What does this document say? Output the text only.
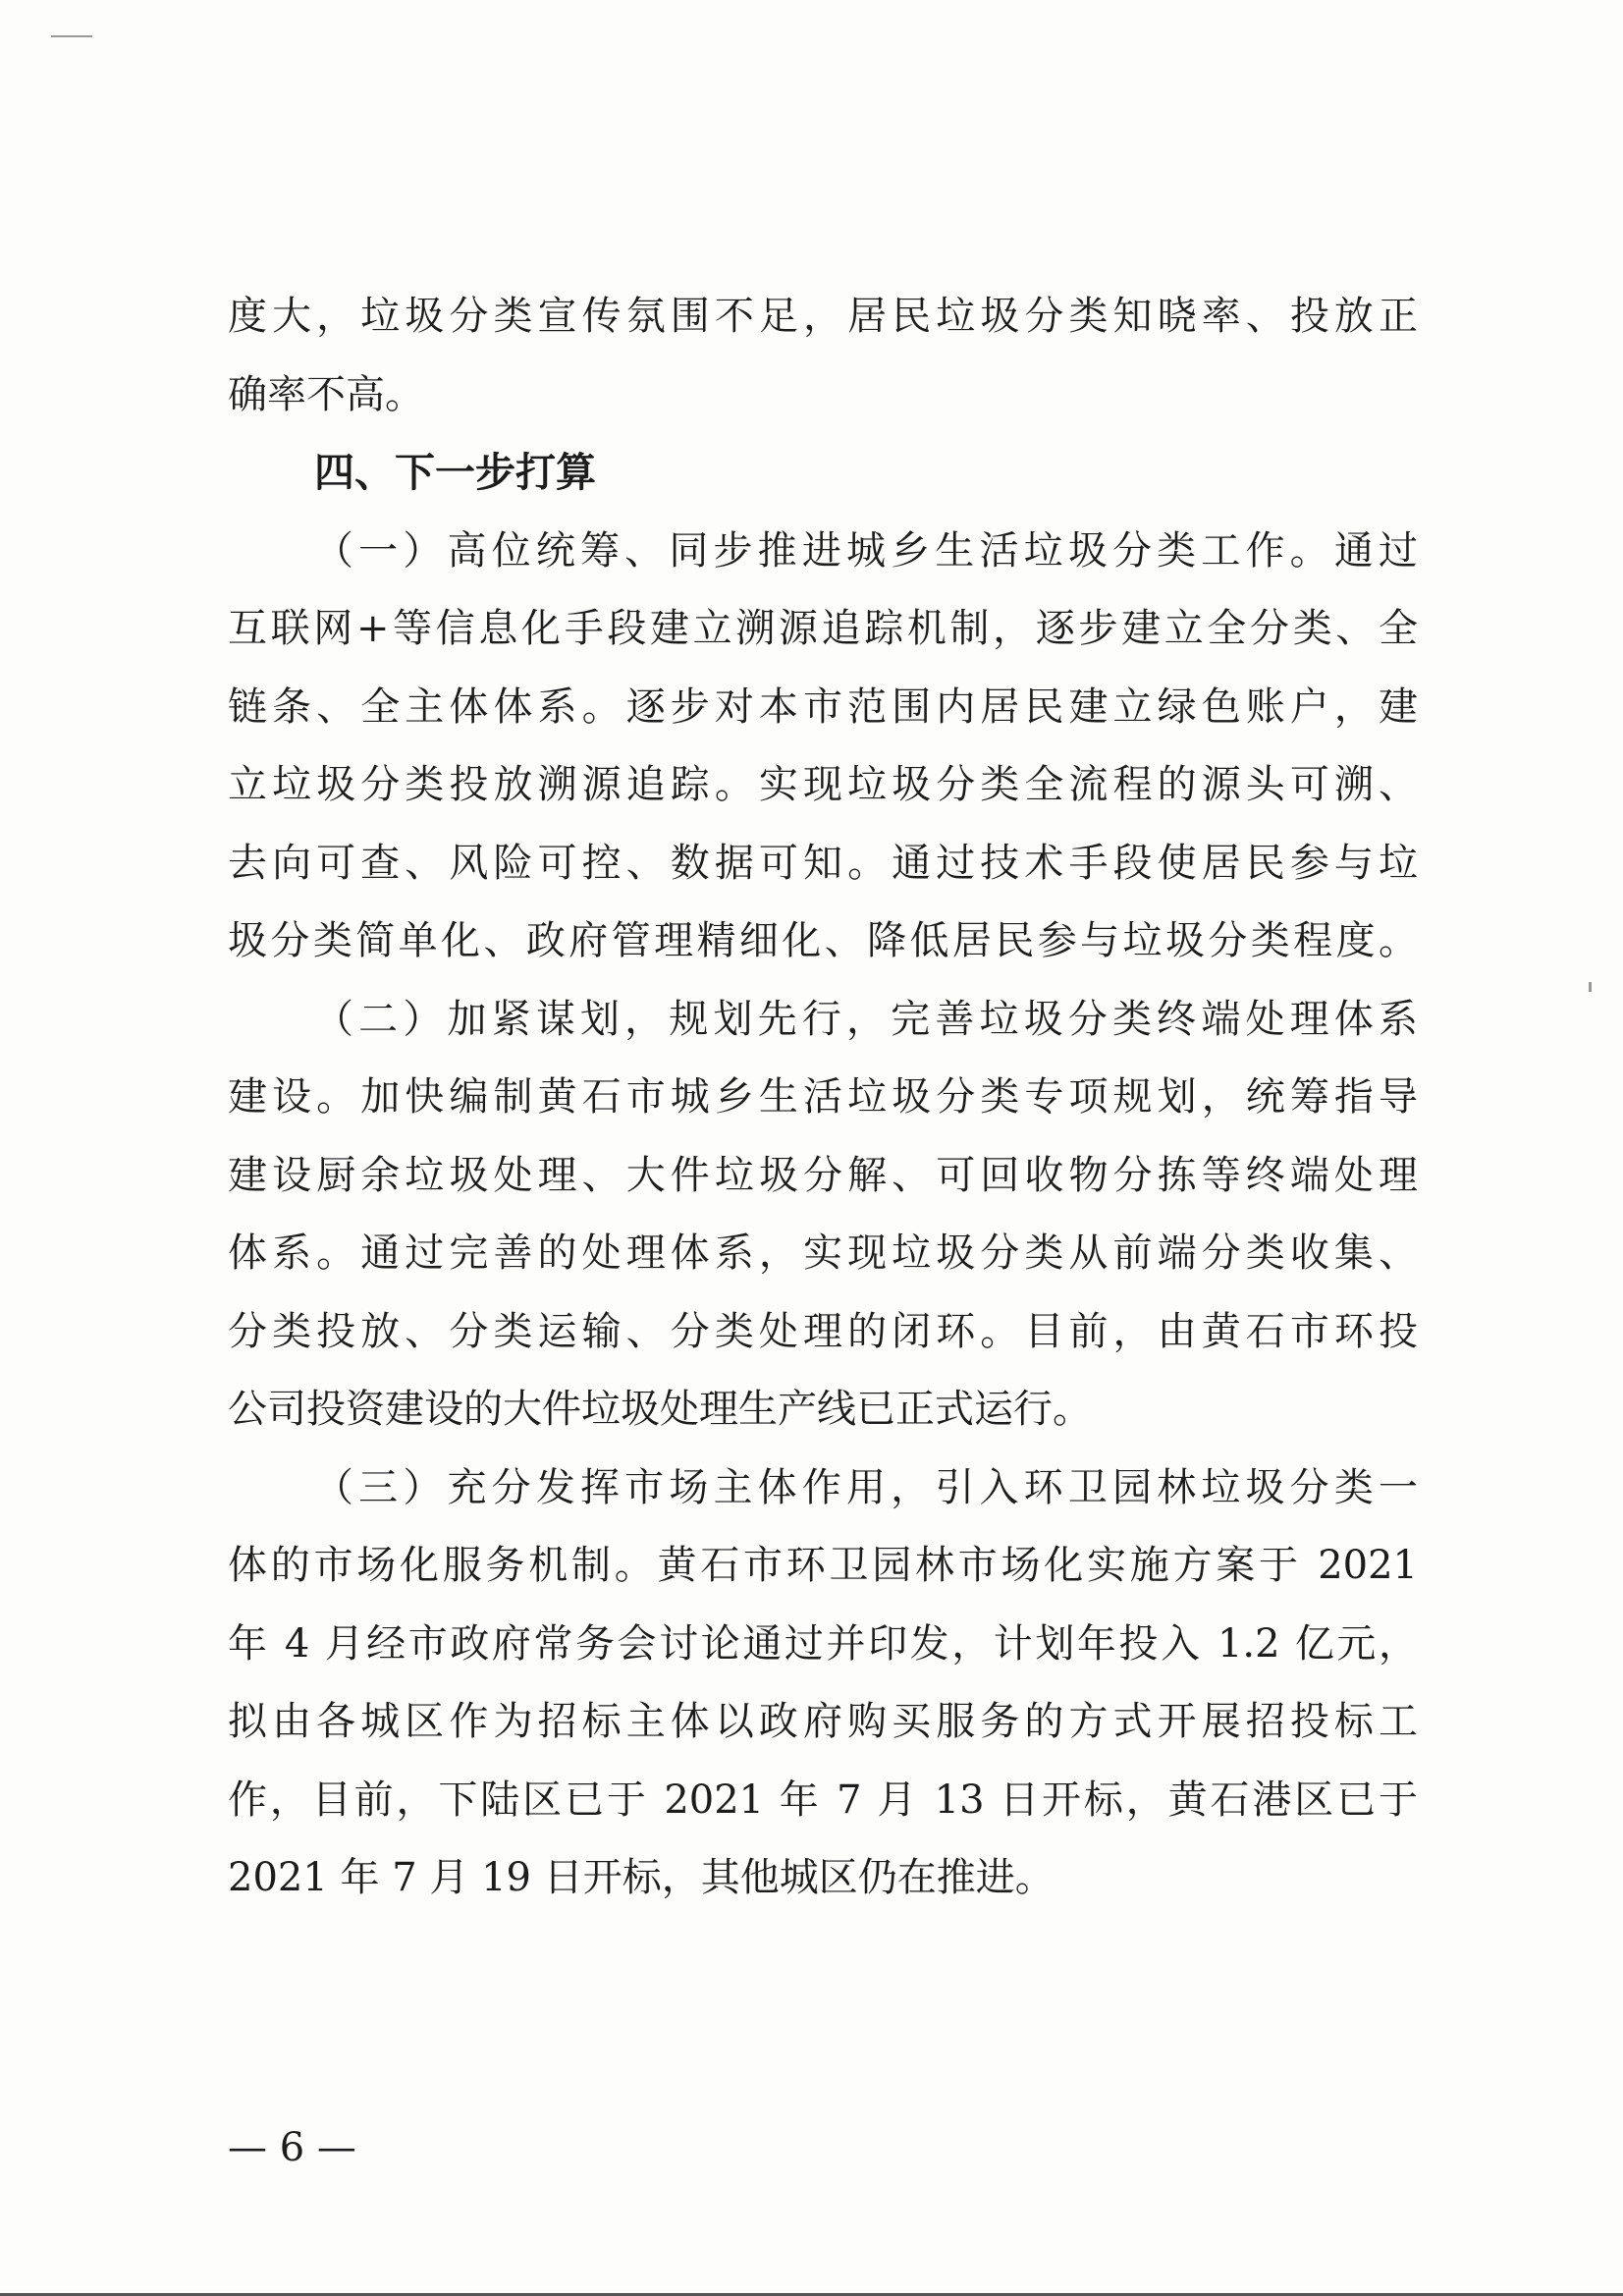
度大，垃圾分类宣传氛围不足，居民垃圾分类知晓率、投放正
确率不高。
四、下一步打算
（一）高位统筹、同步推进城乡生活垃圾分类工作。通过
互联网+等信息化手段建立溯源追踪机制，逐步建立全分类、全
链条、全主体体系。逐步对本市范围内居民建立绿色账户，建
立垃圾分类投放溯源追踪。实现垃圾分类全流程的源头可溯、
去向可查、风险可控、数据可知。通过技术手段使居民参与垃
圾分类简单化、政府管理精细化、降低居民参与垃圾分类程度。
（二）加紧谋划，规划先行，完善垃圾分类终端处理体系
建设。加快编制黄石市城乡生活垃圾分类专项规划，统筹指导
建设厨余垃圾处理、大件垃圾分解、可回收物分拣等终端处理
体系。通过完善的处理体系，实现垃圾分类从前端分类收集、
分类投放、分类运输、分类处理的闭环。目前，由黄石市环投
公司投资建设的大件垃圾处理生产线已正式运行。
（三）充分发挥市场主体作用，引入环卫园林垃圾分类一
体的市场化服务机制。黄石市环卫园林市场化实施方案于 2021
年 4 月经市政府常务会讨论通过并印发，计划年投入 1.2 亿元，
拟由各城区作为招标主体以政府购买服务的方式开展招投标工
作，目前，下陆区已于 2021 年 7 月 13 日开标，黄石港区已于
2021 年 7 月 19 日开标，其他城区仍在推进。
— 6 —
